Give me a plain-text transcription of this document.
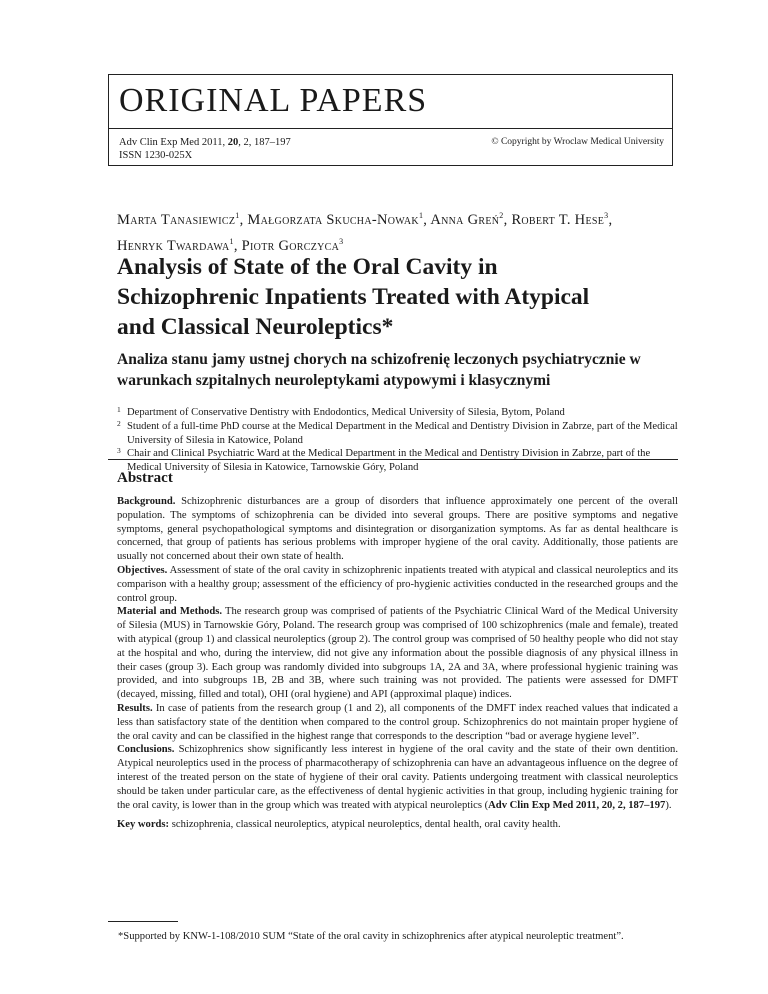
ORIGINAL PAPERS
Adv Clin Exp Med 2011, 20, 2, 187–197
ISSN 1230-025X
© Copyright by Wroclaw Medical University
Marta Tanasiewicz$^1$, Małgorzata Skucha-Nowak$^1$, Anna Greń$^2$, Robert T. Hese$^3$,
Henryk Twardawa$^1$, Piotr Gorczyca$^3$
Analysis of State of the Oral Cavity in Schizophrenic Inpatients Treated with Atypical and Classical Neuroleptics*
Analiza stanu jamy ustnej chorych na schizofrenię leczonych psychiatrycznie w warunkach szpitalnych neuroleptykami atypowymi i klasycznymi
1 Department of Conservative Dentistry with Endodontics, Medical University of Silesia, Bytom, Poland
2 Student of a full-time PhD course at the Medical Department in the Medical and Dentistry Division in Zabrze, part of the Medical University of Silesia in Katowice, Poland
3 Chair and Clinical Psychiatric Ward at the Medical Department in the Medical and Dentistry Division in Zabrze, part of the Medical University of Silesia in Katowice, Tarnowskie Góry, Poland
Abstract

Background. Schizophrenic disturbances are a group of disorders that influence approximately one percent of the overall population. The symptoms of schizophrenia can be divided into several groups. There are positive symptoms and negative symptoms, general psychopathological symptoms and disintegration or disorganization symptoms. As far as dental healthcare is concerned, that group of patients has serious problems with improper hygiene of the oral cavity. Additionally, those patients are usually not concerned about their own state of health.

Objectives. Assessment of state of the oral cavity in schizophrenic inpatients treated with atypical and classical neuroleptics and its comparison with a healthy group; assessment of the efficiency of pro-hygienic activities conducted in the researched groups and the control group.

Material and Methods. The research group was comprised of patients of the Psychiatric Clinical Ward of the Medical University of Silesia (MUS) in Tarnowskie Góry, Poland. The research group was comprised of 100 schizophrenics (male and female), treated with atypical (group 1) and classical neuroleptics (group 2). The control group was comprised of 50 healthy people who did not stay at the hospital and who, during the interview, did not give any information about the possible diagnosis of any physical illness in their cases (group 3). Each group was randomly divided into subgroups 1A, 2A and 3A, where professional hygienic training was provided, and into subgroups 1B, 2B and 3B, where such training was not provided. The patients were assessed for DMFT (decayed, missing, filled and total), OHI (oral hygiene) and API (approximal plaque) indices.

Results. In case of patients from the research group (1 and 2), all components of the DMFT index reached values that indicated a less than satisfactory state of the dentition when compared to the control group. Schizophrenics do not maintain proper hygiene of the oral cavity and can be classified in the highest range that corresponds to the description “bad or average hygiene level”.

Conclusions. Schizophrenics show significantly less interest in hygiene of the oral cavity and the state of their own dentition. Atypical neuroleptics used in the process of pharmacotherapy of schizophrenia can have an advantageous influence on the degree of interest of the treated person on the state of hygiene of their oral cavity. Patients undergoing treatment with classical neuroleptics should be taken under particular care, as the effectiveness of dental hygienic activities in that group, including hygienic training for the oral cavity, is lower than in the group which was treated with atypical neuroleptics (Adv Clin Exp Med 2011, 20, 2, 187–197).

Key words: schizophrenia, classical neuroleptics, atypical neuroleptics, dental health, oral cavity health.

*Supported by KNW-1-108/2010 SUM “State of the oral cavity in schizophrenics after atypical neuroleptic treatment”.
